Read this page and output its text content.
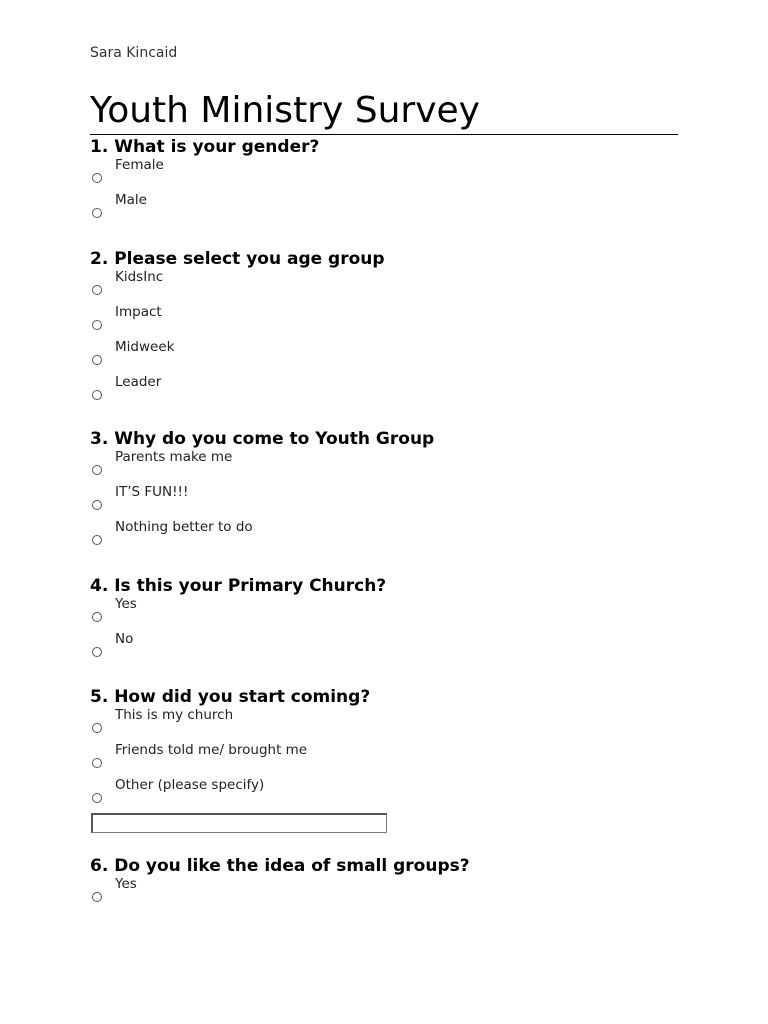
Sara Kincaid
Youth Ministry Survey
1. What is your gender?
Female
Male
2. Please select you age group
KidsInc
Impact
Midweek
Leader
3. Why do you come to Youth Group
Parents make me
IT’S FUN!!!
Nothing better to do
4. Is this your Primary Church?
Yes
No
5. How did you start coming?
This is my church
Friends told me/ brought me
Other (please specify)
6. Do you like the idea of small groups?
Yes
